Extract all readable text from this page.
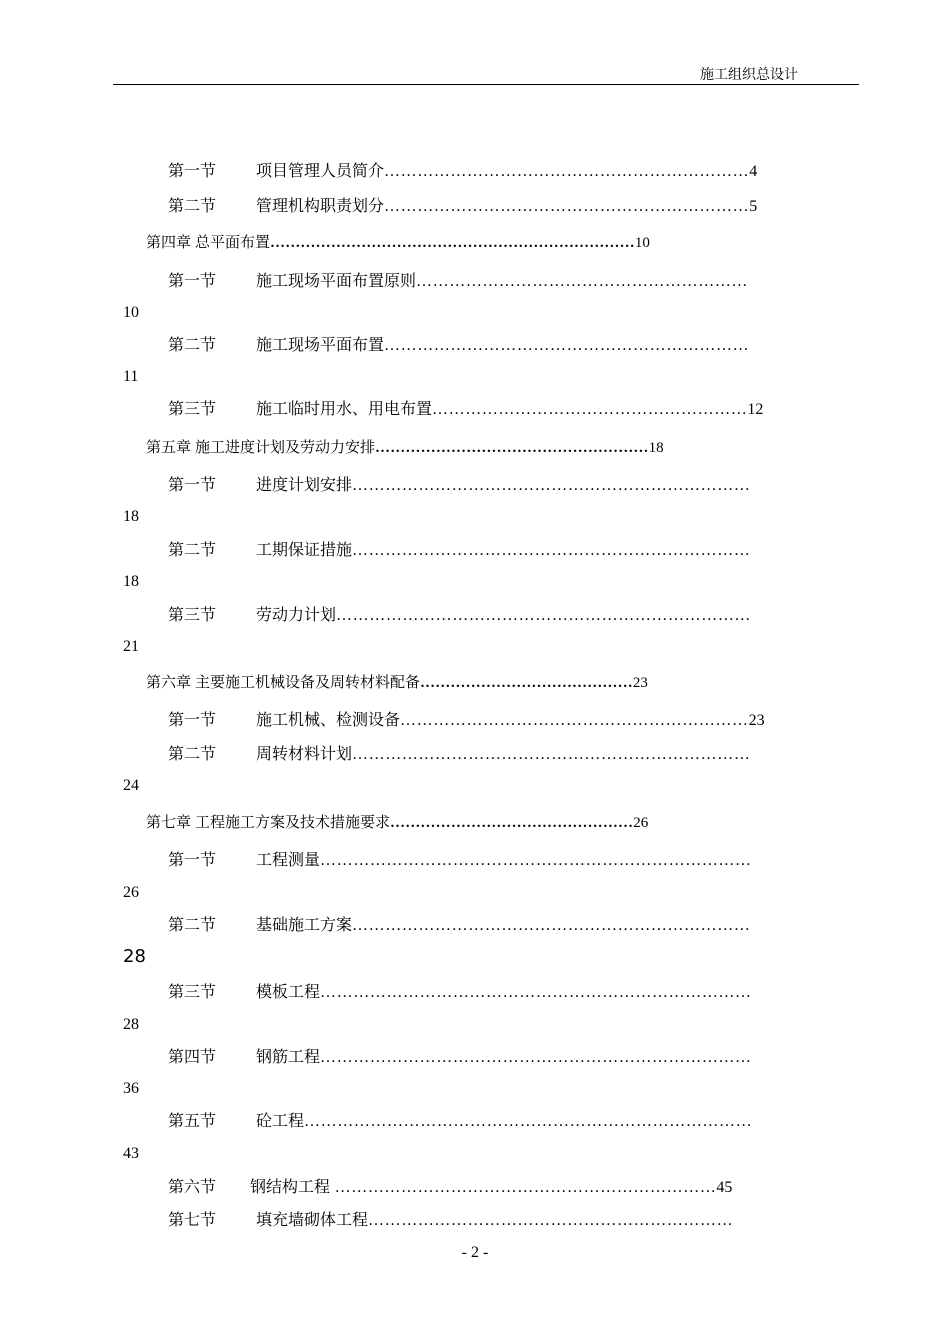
施工组织总设计
第一节 项目管理人员简介…………………………………………………………4
第二节 管理机构职责划分…………………………………………………………5
第四章 总平面布置………………………………………………………………10
第一节 施工现场平面布置原则……………………………………………………
10
第二节 施工现场平面布置…………………………………………………………
11
第三节 施工临时用水、用电布置…………………………………………………12
第五章 施工进度计划及劳动力安排………………………………………………18
第一节 进度计划安排………………………………………………………………
18
第二节 工期保证措施………………………………………………………………
18
第三节 劳动力计划…………………………………………………………………
21
第六章 主要施工机械设备及周转材料配备……………………………………23
第一节 施工机械、检测设备………………………………………………………23
第二节 周转材料计划………………………………………………………………
24
第七章 工程施工方案及技术措施要求…………………………………………26
第一节 工程测量……………………………………………………………………
26
第二节 基础施工方案………………………………………………………………
28
第三节 模板工程……………………………………………………………………
28
第四节 钢筋工程……………………………………………………………………
36
第五节 砼工程………………………………………………………………………
43
第六节 钢结构工程 ……………………………………………………………45
第七节 填充墙砌体工程…………………………………………………………
- 2 -
